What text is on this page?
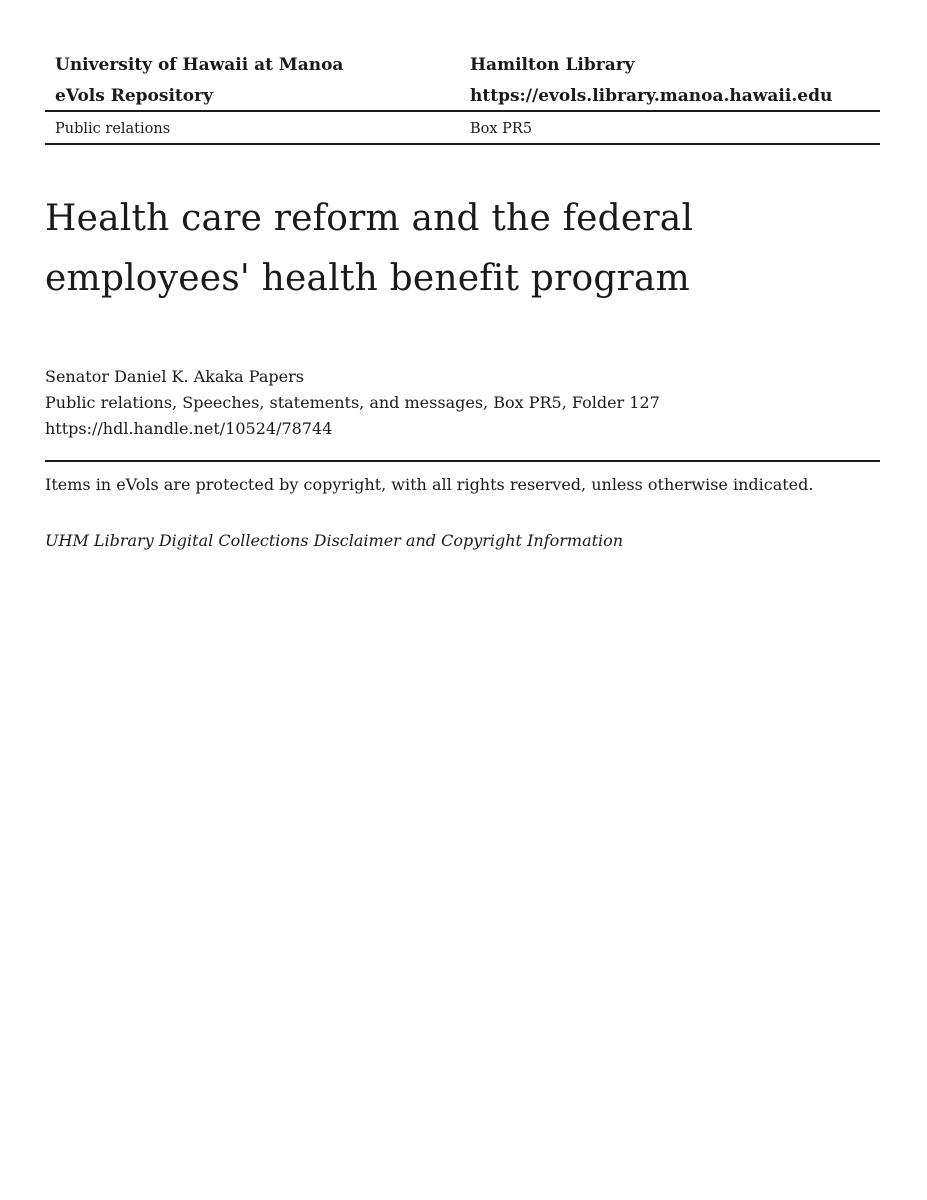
University of Hawaii at Manoa	Hamilton Library
eVols Repository	https://evols.library.manoa.hawaii.edu
Public relations	Box PR5
Health care reform and the federal employees' health benefit program
Senator Daniel K. Akaka Papers
Public relations, Speeches, statements, and messages, Box PR5, Folder 127
https://hdl.handle.net/10524/78744

Items in eVols are protected by copyright, with all rights reserved, unless otherwise indicated.

UHM Library Digital Collections Disclaimer and Copyright Information
